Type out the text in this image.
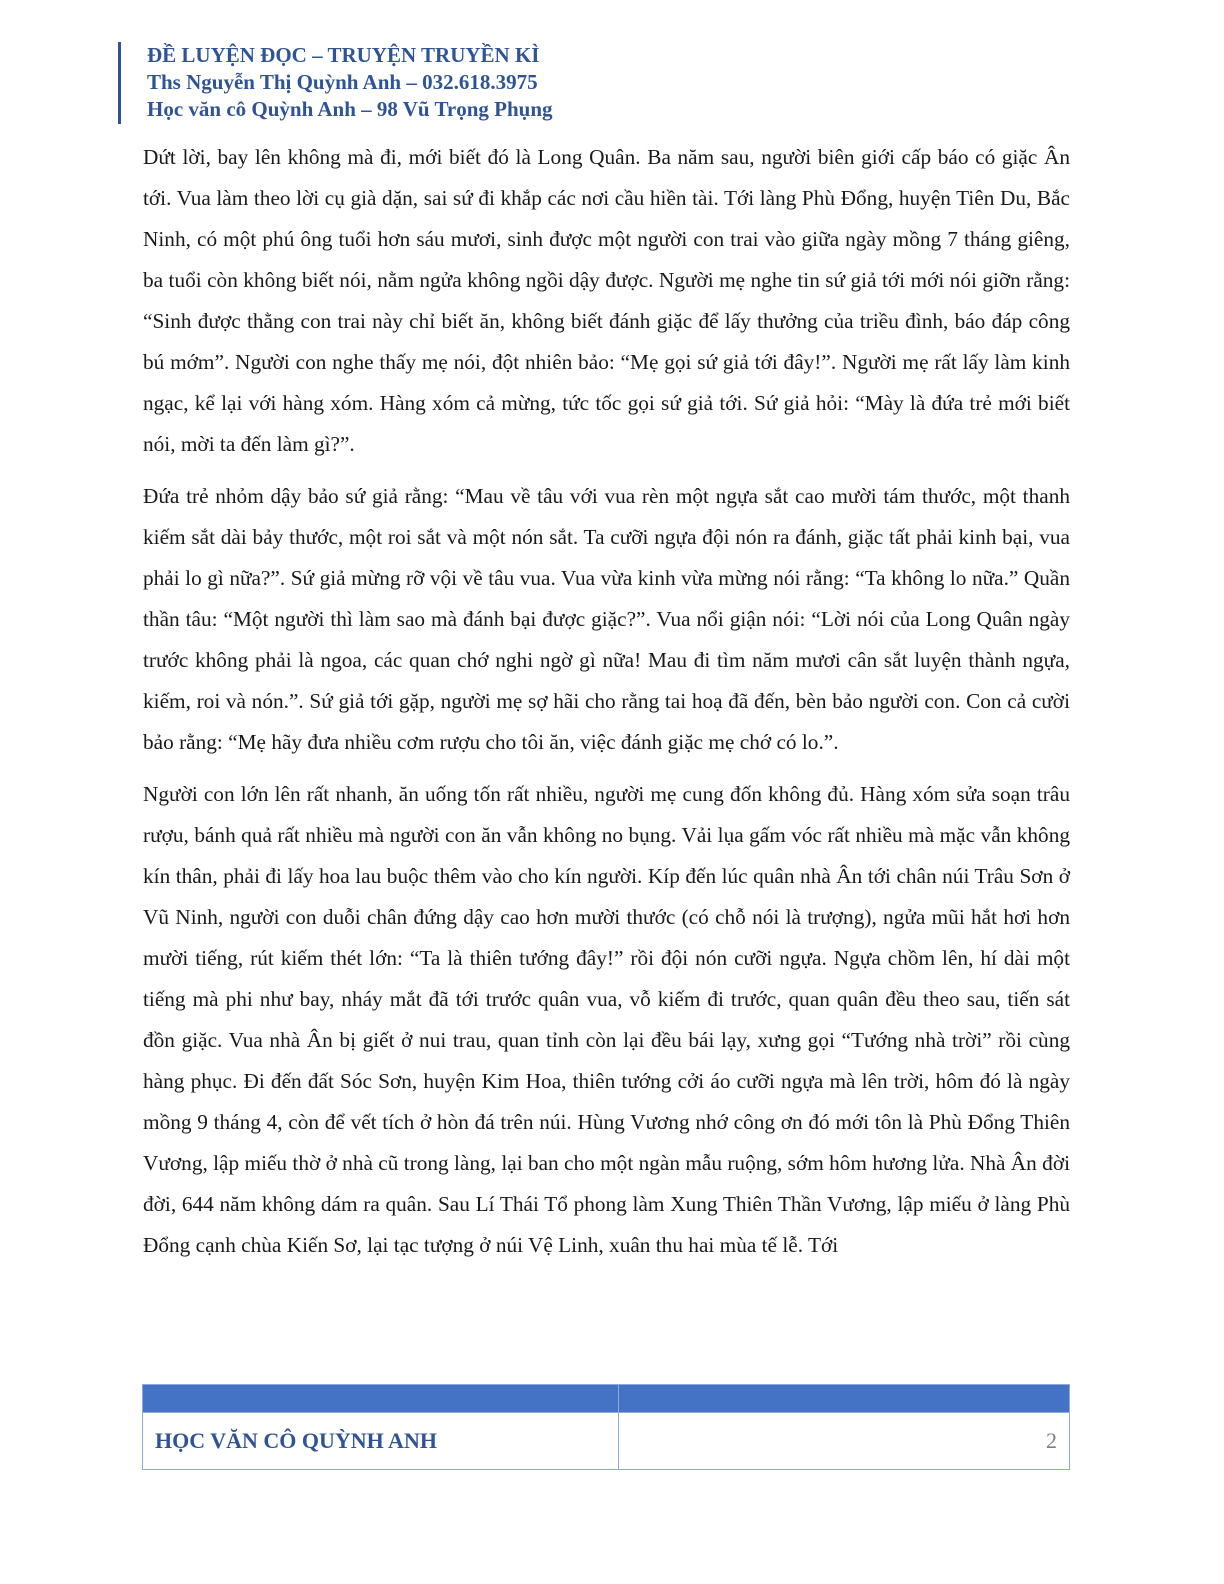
ĐỀ LUYỆN ĐỌC – TRUYỆN TRUYỀN KÌ
Ths Nguyễn Thị Quỳnh Anh – 032.618.3975
Học văn cô Quỳnh Anh – 98 Vũ Trọng Phụng

Dứt lời, bay lên không mà đi, mới biết đó là Long Quân. Ba năm sau, người biên giới cấp báo có giặc Ân tới. Vua làm theo lời cụ già dặn, sai sứ đi khắp các nơi cầu hiền tài. Tới làng Phù Đổng, huyện Tiên Du, Bắc Ninh, có một phú ông tuổi hơn sáu mươi, sinh được một người con trai vào giữa ngày mồng 7 tháng giêng, ba tuổi còn không biết nói, nằm ngửa không ngồi dậy được. Người mẹ nghe tin sứ giả tới mới nói giỡn rằng: “Sinh được thằng con trai này chỉ biết ăn, không biết đánh giặc để lấy thưởng của triều đình, báo đáp công bú mớm”. Người con nghe thấy mẹ nói, đột nhiên bảo: “Mẹ gọi sứ giả tới đây!”. Người mẹ rất lấy làm kinh ngạc, kể lại với hàng xóm. Hàng xóm cả mừng, tức tốc gọi sứ giả tới. Sứ giả hỏi: “Mày là đứa trẻ mới biết nói, mời ta đến làm gì?”.

Đứa trẻ nhỏm dậy bảo sứ giả rằng: “Mau về tâu với vua rèn một ngựa sắt cao mười tám thước, một thanh kiếm sắt dài bảy thước, một roi sắt và một nón sắt. Ta cưỡi ngựa đội nón ra đánh, giặc tất phải kinh bại, vua phải lo gì nữa?”. Sứ giả mừng rỡ vội về tâu vua. Vua vừa kinh vừa mừng nói rằng: “Ta không lo nữa.” Quần thần tâu: “Một người thì làm sao mà đánh bại được giặc?”. Vua nổi giận nói: “Lời nói của Long Quân ngày trước không phải là ngoa, các quan chớ nghi ngờ gì nữa! Mau đi tìm năm mươi cân sắt luyện thành ngựa, kiếm, roi và nón.”. Sứ giả tới gặp, người mẹ sợ hãi cho rằng tai hoạ đã đến, bèn bảo người con. Con cả cười bảo rằng: “Mẹ hãy đưa nhiều cơm rượu cho tôi ăn, việc đánh giặc mẹ chớ có lo.”.

Người con lớn lên rất nhanh, ăn uống tốn rất nhiều, người mẹ cung đốn không đủ. Hàng xóm sửa soạn trâu rượu, bánh quả rất nhiều mà người con ăn vẫn không no bụng. Vải lụa gấm vóc rất nhiều mà mặc vẫn không kín thân, phải đi lấy hoa lau buộc thêm vào cho kín người. Kíp đến lúc quân nhà Ân tới chân núi Trâu Sơn ở Vũ Ninh, người con duỗi chân đứng dậy cao hơn mười thước (có chỗ nói là trượng), ngửa mũi hắt hơi hơn mười tiếng, rút kiếm thét lớn: “Ta là thiên tướng đây!” rồi đội nón cưỡi ngựa. Ngựa chồm lên, hí dài một tiếng mà phi như bay, nháy mắt đã tới trước quân vua, vỗ kiếm đi trước, quan quân đều theo sau, tiến sát đồn giặc. Vua nhà Ân bị giết ở nui trau, quan tỉnh còn lại đều bái lạy, xưng gọi “Tướng nhà trời” rồi cùng hàng phục. Đi đến đất Sóc Sơn, huyện Kim Hoa, thiên tướng cởi áo cưỡi ngựa mà lên trời, hôm đó là ngày mồng 9 tháng 4, còn để vết tích ở hòn đá trên núi. Hùng Vương nhớ công ơn đó mới tôn là Phù Đổng Thiên Vương, lập miếu thờ ở nhà cũ trong làng, lại ban cho một ngàn mẫu ruộng, sớm hôm hương lửa. Nhà Ân đời đời, 644 năm không dám ra quân. Sau Lí Thái Tổ phong làm Xung Thiên Thần Vương, lập miếu ở làng Phù Đổng cạnh chùa Kiến Sơ, lại tạc tượng ở núi Vệ Linh, xuân thu hai mùa tế lễ. Tới

HỌC VĂN CÔ QUỲNH ANH	2
